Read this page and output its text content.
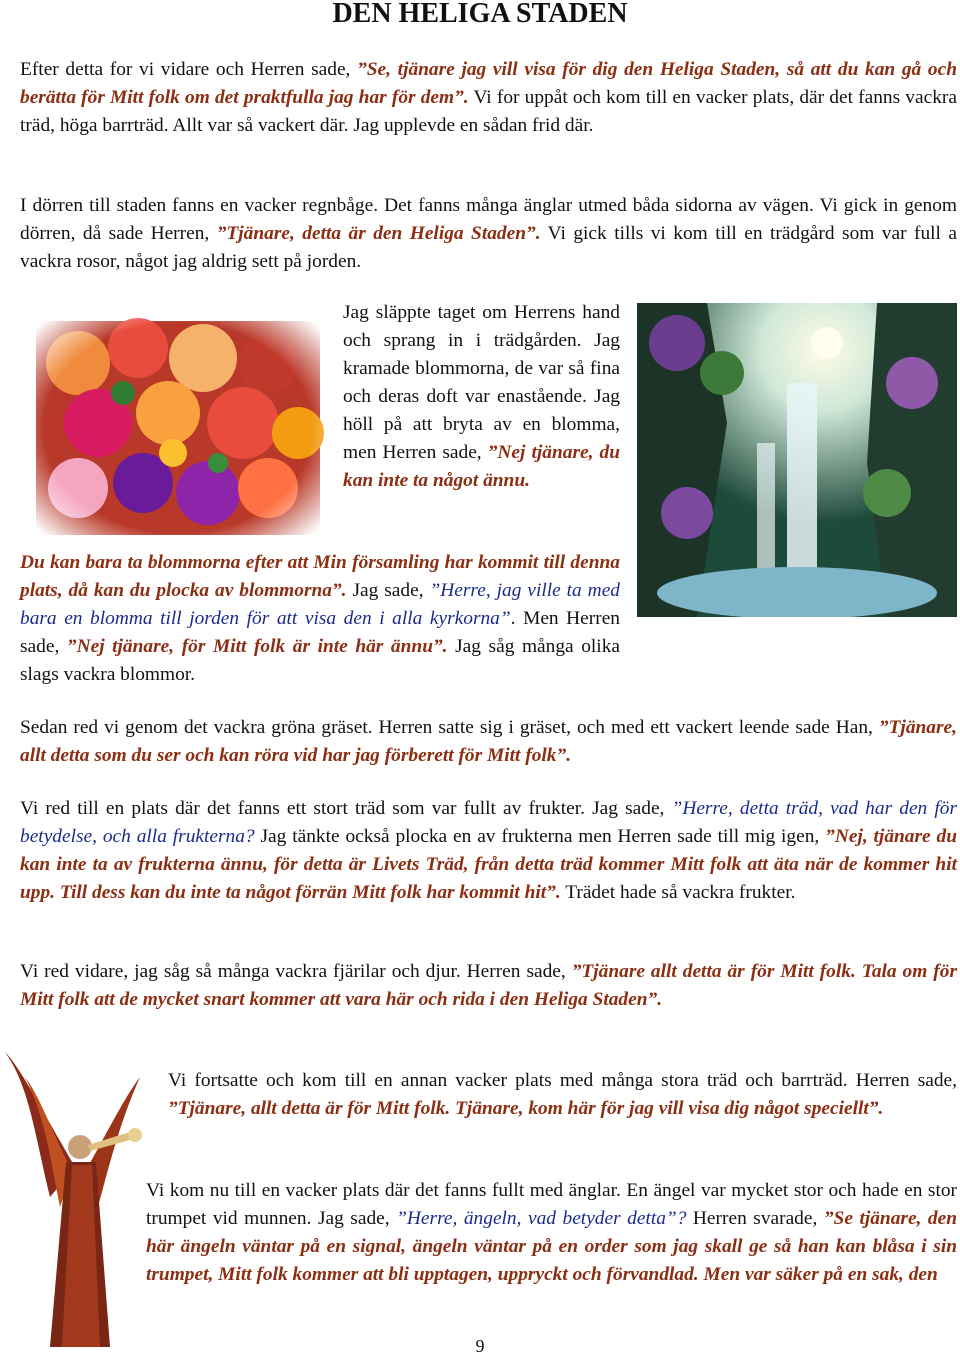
DEN HELIGA STADEN

Efter detta for vi vidare och Herren sade, ”Se, tjänare jag vill visa för dig den Heliga Staden, så att du kan gå och berätta för Mitt folk om det praktfulla jag har för dem”. Vi for uppåt och kom till en vacker plats, där det fanns vackra träd, höga barrträd. Allt var så vackert där. Jag upplevde en sådan frid där.

I dörren till staden fanns en vacker regnbåge. Det fanns många änglar utmed båda sidorna av vägen. Vi gick in genom dörren, då sade Herren, ”Tjänare, detta är den Heliga Staden”. Vi gick tills vi kom till en trädgård som var full a vackra rosor, något jag aldrig sett på jorden.

Jag släppte taget om Herrens hand och sprang in i trädgården. Jag kramade blommorna, de var så fina och deras doft var enastående. Jag höll på att bryta av en blomma, men Herren sade, ”Nej tjänare, du kan inte ta något ännu.

Du kan bara ta blommorna efter att Min församling har kommit till denna plats, då kan du plocka av blommorna”. Jag sade, ”Herre, jag ville ta med bara en blomma till jorden för att visa den i alla kyrkorna”. Men Herren sade, ”Nej tjänare, för Mitt folk är inte här ännu”. Jag såg många olika slags vackra blommor.

Sedan red vi genom det vackra gröna gräset. Herren satte sig i gräset, och med ett vackert leende sade Han, ”Tjänare, allt detta som du ser och kan röra vid har jag förberett för Mitt folk”.

Vi red till en plats där det fanns ett stort träd som var fullt av frukter. Jag sade, ”Herre, detta träd, vad har den för betydelse, och alla frukterna? Jag tänkte också plocka en av frukterna men Herren sade till mig igen, ”Nej, tjänare du kan inte ta av frukterna ännu, för detta är Livets Träd, från detta träd kommer Mitt folk att äta när de kommer hit upp. Till dess kan du inte ta något förrän Mitt folk har kommit hit”. Trädet hade så vackra frukter.

Vi red vidare, jag såg så många vackra fjärilar och djur. Herren sade, ”Tjänare allt detta är för Mitt folk. Tala om för Mitt folk att de mycket snart kommer att vara här och rida i den Heliga Staden”.

Vi fortsatte och kom till en annan vacker plats med många stora träd och barrträd. Herren sade, ”Tjänare, allt detta är för Mitt folk. Tjänare, kom här för jag vill visa dig något speciellt”.

Vi kom nu till en vacker plats där det fanns fullt med änglar. En ängel var mycket stor och hade en stor trumpet vid munnen. Jag sade, ”Herre, ängeln, vad betyder detta”? Herren svarade, ”Se tjänare, den här ängeln väntar på en signal, ängeln väntar på en order som jag skall ge så han kan blåsa i sin trumpet, Mitt folk kommer att bli upptagen, uppryckt och förvandlad. Men var säker på en sak, den

9
